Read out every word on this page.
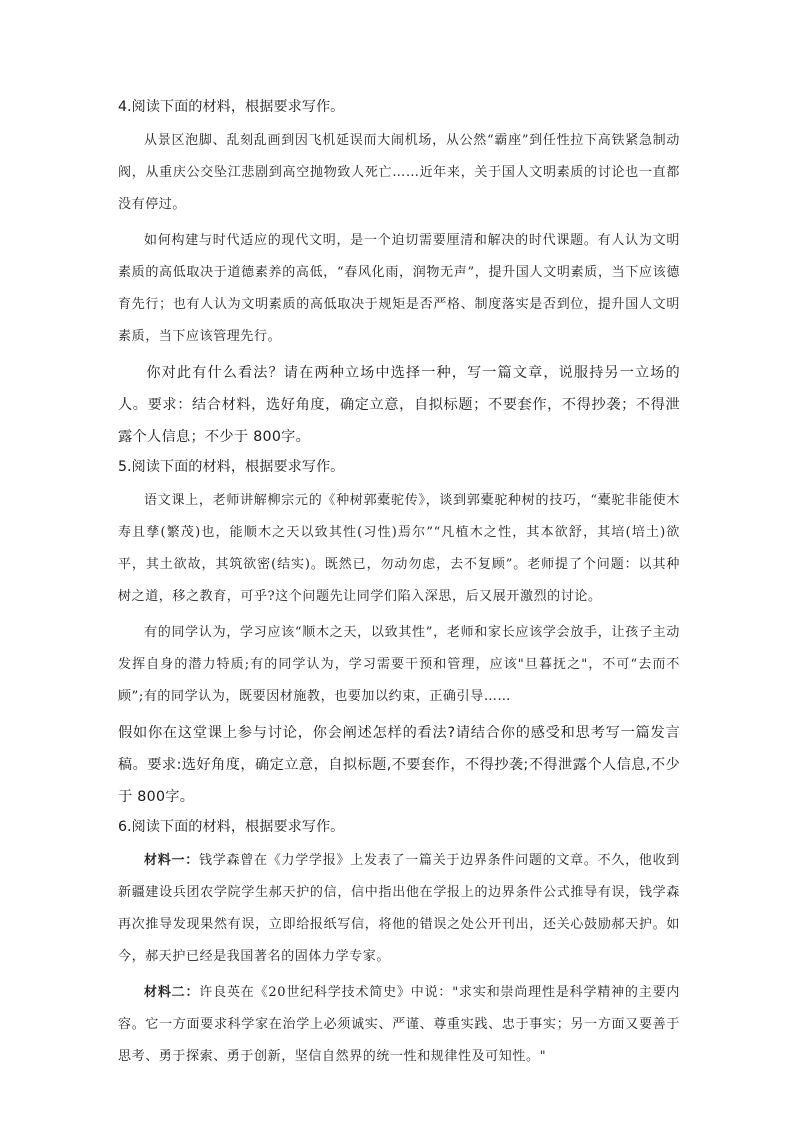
4.阅读下面的材料，根据要求写作。

从景区泡脚、乱刻乱画到因飞机延误而大闹机场，从公然“霸座”到任性拉下高铁紧急制动阀，从重庆公交坠江悲剧到高空抛物致人死亡……近年来，关于国人文明素质的讨论也一直都没有停过。

如何构建与时代适应的现代文明，是一个迫切需要厘清和解决的时代课题。有人认为文明素质的高低取决于道德素养的高低，“春风化雨，润物无声”，提升国人文明素质，当下应该德育先行；也有人认为文明素质的高低取决于规矩是否严格、制度落实是否到位，提升国人文明素质，当下应该管理先行。

你对此有什么看法？请在两种立场中选择一种，写一篇文章，说服持另一立场的人。要求：结合材料，选好角度，确定立意，自拟标题；不要套作，不得抄袭；不得泄露个人信息；不少于 800字。

5.阅读下面的材料，根据要求写作。

语文课上，老师讲解柳宗元的《种树郭橐驼传》，谈到郭橐驼种树的技巧，“橐驼非能使木寿且孳(繁茂)也，能顺木之天以致其性(习性)焉尔”“凡植木之性，其本欲舒，其培(培土)欲平，其土欲故，其筑欲密(结实)。既然已，勿动勿虑，去不复顾”。老师提了个问题：以其种树之道，移之教育，可乎?这个问题先让同学们陷入深思，后又展开激烈的讨论。

有的同学认为，学习应该“顺木之天，以致其性”，老师和家长应该学会放手，让孩子主动发挥自身的潜力特质;有的同学认为，学习需要干预和管理，应该"旦暮抚之"，不可“去而不顾”;有的同学认为，既要因材施教，也要加以约束，正确引导……

假如你在这堂课上参与讨论，你会阐述怎样的看法?请结合你的感受和思考写一篇发言稿。要求:选好角度，确定立意，自拟标题,不要套作，不得抄袭;不得泄露个人信息,不少于 800字。

6.阅读下面的材料，根据要求写作。

材料一：钱学森曾在《力学学报》上发表了一篇关于边界条件问题的文章。不久，他收到新疆建设兵团农学院学生郝天护的信，信中指出他在学报上的边界条件公式推导有误，钱学森再次推导发现果然有误，立即给报纸写信，将他的错误之处公开刊出，还关心鼓励郝天护。如今，郝天护已经是我国著名的固体力学专家。

材料二：许良英在《20世纪科学技术简史》中说："求实和崇尚理性是科学精神的主要内容。它一方面要求科学家在治学上必须诚实、严谨、尊重实践、忠于事实；另一方面又要善于思考、勇于探索、勇于创新，坚信自然界的统一性和规律性及可知性。"
